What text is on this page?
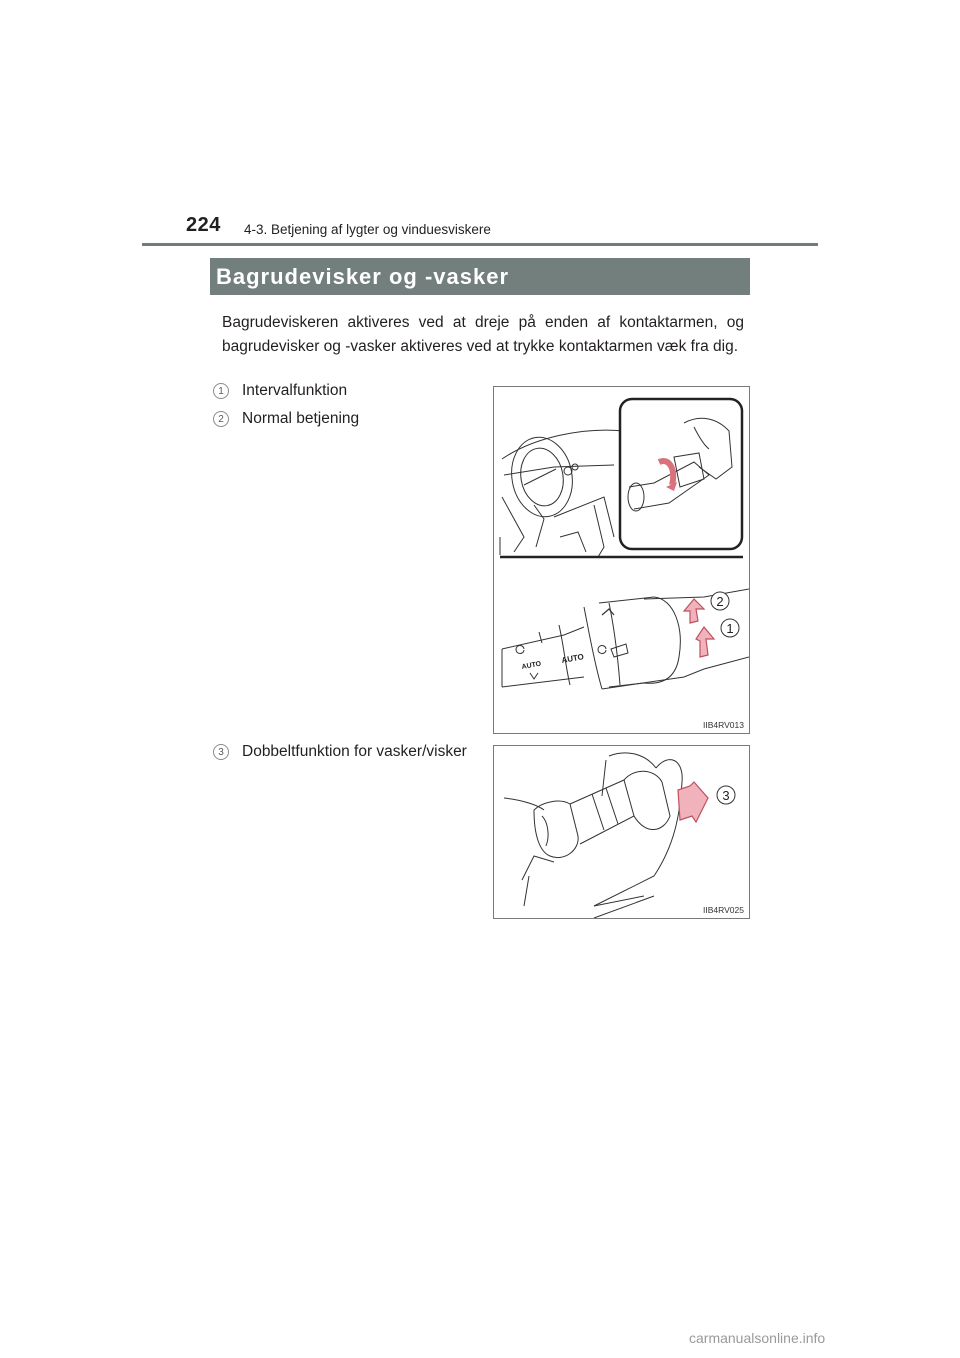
224 4-3. Betjening af lygter og vinduesviskere
Bagrudevisker og -vasker

Bagrudeviskeren aktiveres ved at dreje på enden af kontaktarmen, og bagrudevisker og -vasker aktiveres ved at trykke kontaktarmen væk fra dig.

1	Intervalfunktion
2	Normal betjening
3	Dobbeltfunktion for vasker/visker
AUTO
AUTO
2
1
IIB4RV013
3
IIB4RV025
carmanualsonline.info
